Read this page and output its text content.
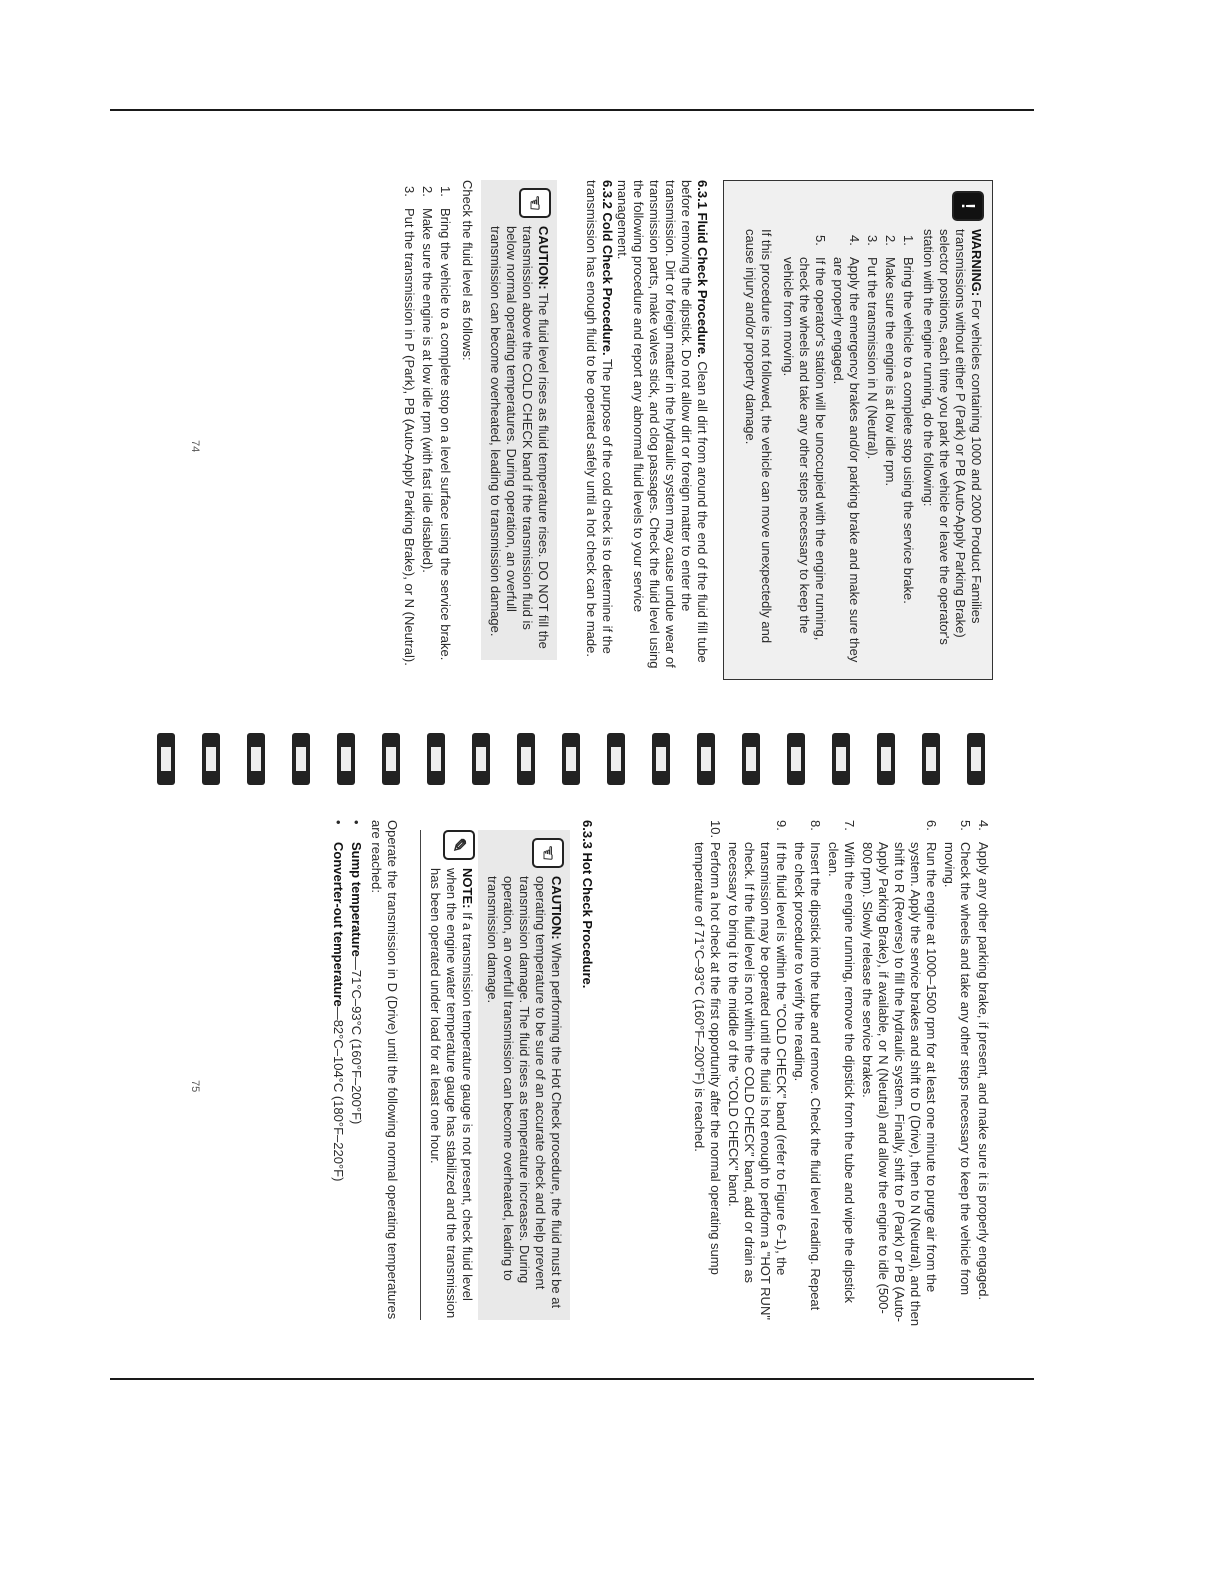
!
WARNING: For vehicles containing 1000 and 2000 Product Families transmissions without either P (Park) or PB (Auto-Apply Parking Brake) selector positions, each time you park the vehicle or leave the operator's station with the engine running, do the following:
1.
Bring the vehicle to a complete stop using the service brake.
2.
Make sure the engine is at low idle rpm.
3.
Put the transmission in N (Neutral).
4.
Apply the emergency brakes and/or parking brake and make sure they are properly engaged.
5.
If the operator's station will be unoccupied with the engine running, check the wheels and take any other steps necessary to keep the vehicle from moving.
If this procedure is not followed, the vehicle can move unexpectedly and cause injury and/or property damage.
6.3.1 Fluid Check Procedure. Clean all dirt from around the end of the fluid fill tube before removing the dipstick. Do not allow dirt or foreign matter to enter the transmission. Dirt or foreign matter in the hydraulic system may cause undue wear of transmission parts, make valves stick, and clog passages. Check the fluid level using the following procedure and report any abnormal fluid levels to your service management.
6.3.2 Cold Check Procedure. The purpose of the cold check is to determine if the transmission has enough fluid to be operated safely until a hot check can be made.
☜
CAUTION: The fluid level rises as fluid temperature rises. DO NOT fill the transmission above the COLD CHECK band if the transmission fluid is below normal operating temperatures. During operation, an overfull transmission can become overheated, leading to transmission damage.
Check the fluid level as follows:
1.
Bring the vehicle to a complete stop on a level surface using the service brake.
2.
Make sure the engine is at low idle rpm (with fast idle disabled).
3.
Put the transmission in P (Park), PB (Auto-Apply Parking Brake), or N (Neutral).
74
4.
Apply any other parking brake, if present, and make sure it is properly engaged.
5.
Check the wheels and take any other steps necessary to keep the vehicle from moving.
6.
Run the engine at 1000–1500 rpm for at least one minute to purge air from the system. Apply the service brakes and shift to D (Drive), then to N (Neutral), and then shift to R (Reverse) to fill the hydraulic system. Finally, shift to P (Park) or PB (Auto-Apply Parking Brake), if available, or N (Neutral) and allow the engine to idle (500-800 rpm). Slowly release the service brakes.
7.
With the engine running, remove the dipstick from the tube and wipe the dipstick clean.
8.
Insert the dipstick into the tube and remove. Check the fluid level reading. Repeat the check procedure to verify the reading.
9.
If the fluid level is within the "COLD CHECK" band (refer to Figure 6–1), the transmission may be operated until the fluid is hot enough to perform a "HOT RUN" check. If the fluid level is not within the COLD CHECK" band, add or drain as necessary to bring it to the middle of the "COLD CHECK" band.
10.
Perform a hot check at the first opportunity after the normal operating sump temperature of 71°C–93°C (160°F–200°F) is reached.
6.3.3 Hot Check Procedure.
☜
CAUTION: When performing the Hot Check procedure, the fluid must be at operating temperature to be sure of an accurate check and help prevent transmission damage. The fluid rises as temperature increases. During operation, an overfull transmission can become overheated, leading to transmission damage.
✎
NOTE: If a transmission temperature gauge is not present, check fluid level when the engine water temperature gauge has stabilized and the transmission has been operated under load for at least one hour.
Operate the transmission in D (Drive) until the following normal operating temperatures are reached:
•
Sump temperature—71°C–93°C (160°F–200°F)
•
Converter-out temperature—82°C–104°C (180°F–220°F)
75
